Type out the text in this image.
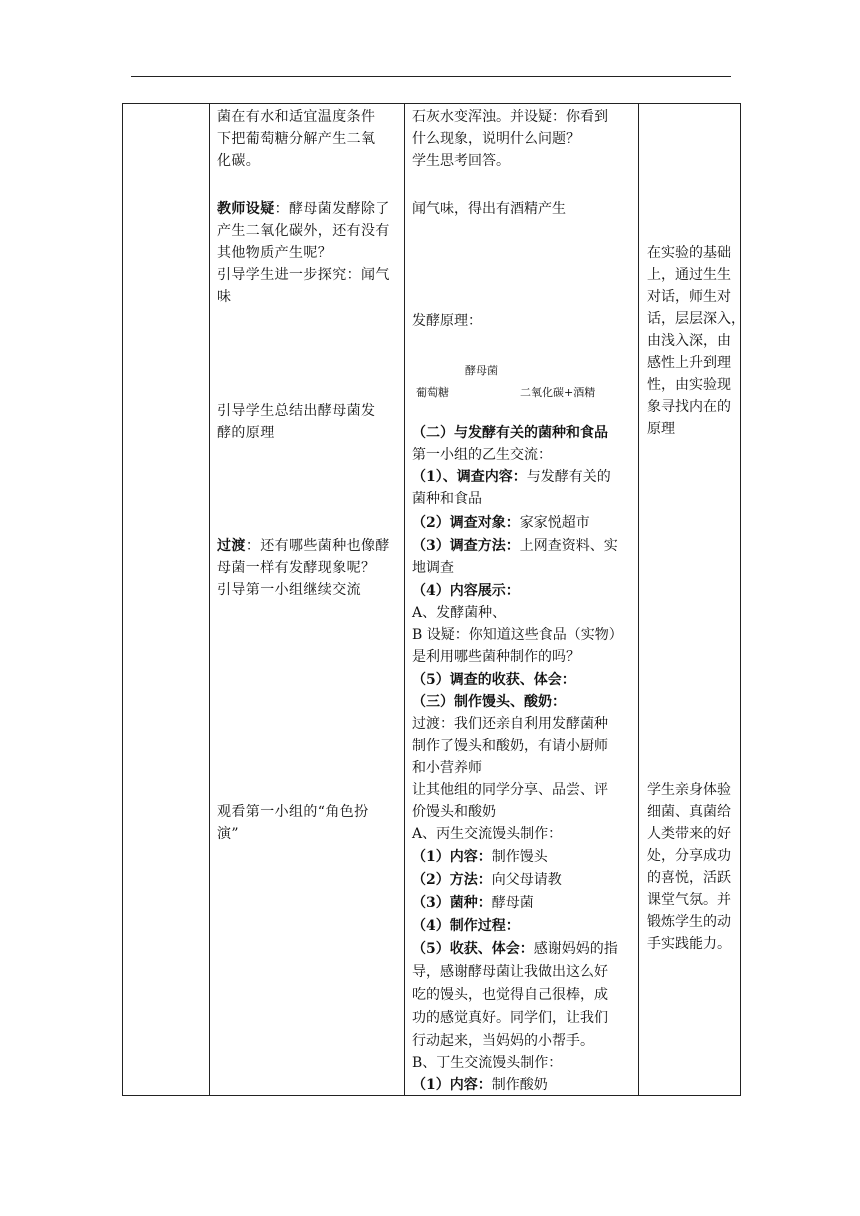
菌在有水和适宜温度条件
下把葡萄糖分解产生二氧
化碳。
教师设疑：酵母菌发酵除了
产生二氧化碳外，还有没有
其他物质产生呢？
引导学生进一步探究：闻气
味
引导学生总结出酵母菌发
酵的原理
过渡：还有哪些菌种也像酵
母菌一样有发酵现象呢？
引导第一小组继续交流
观看第一小组的“角色扮
演”
石灰水变浑浊。并设疑：你看到
什么现象，说明什么问题？
学生思考回答。
闻气味，得出有酒精产生
发酵原理：
酵母菌
葡萄糖	二氧化碳+酒精
（二）与发酵有关的菌种和食品
第一小组的乙生交流：
（1）、调查内容：与发酵有关的
菌种和食品
（2）调查对象：家家悦超市
（3）调查方法：上网查资料、实
地调查
（4）内容展示：
A、发酵菌种、
B 设疑：你知道这些食品（实物）
是利用哪些菌种制作的吗？
（5）调查的收获、体会：
（三）制作馒头、酸奶：
过渡：我们还亲自利用发酵菌种
制作了馒头和酸奶，有请小厨师
和小营养师
让其他组的同学分享、品尝、评
价馒头和酸奶
A、丙生交流馒头制作：
（1）内容：制作馒头
（2）方法：向父母请教
（3）菌种：酵母菌
（4）制作过程：
（5）收获、体会：感谢妈妈的指
导，感谢酵母菌让我做出这么好
吃的馒头，也觉得自己很棒，成
功的感觉真好。同学们，让我们
行动起来，当妈妈的小帮手。
B、丁生交流馒头制作：
（1）内容：制作酸奶
在实验的基础
上，通过生生
对话，师生对
话，层层深入，
由浅入深，由
感性上升到理
性，由实验现
象寻找内在的
原理
学生亲身体验
细菌、真菌给
人类带来的好
处，分享成功
的喜悦，活跃
课堂气氛。并
锻炼学生的动
手实践能力。
